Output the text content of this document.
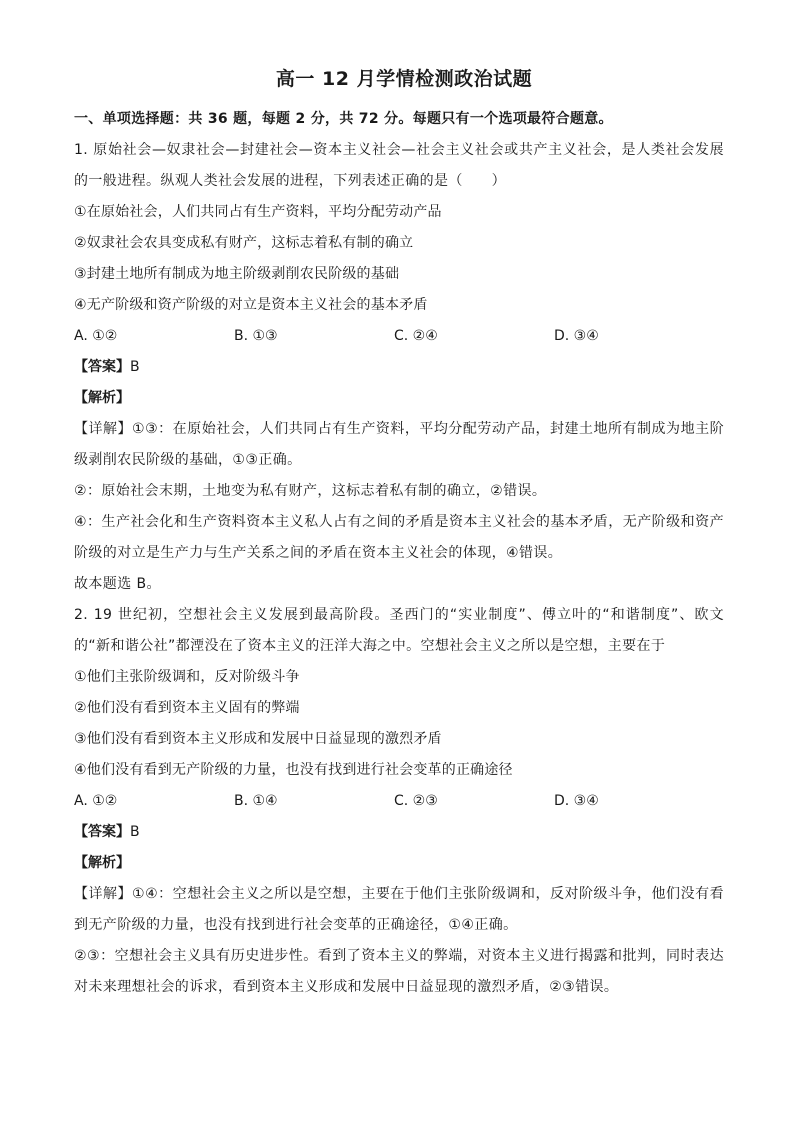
高一 12 月学情检测政治试题
一、单项选择题：共 36 题，每题 2 分，共 72 分。每题只有一个选项最符合题意。
1. 原始社会—奴隶社会—封建社会—资本主义社会—社会主义社会或共产主义社会，是人类社会发展的一般进程。纵观人类社会发展的进程，下列表述正确的是（　　）
①在原始社会，人们共同占有生产资料，平均分配劳动产品
②奴隶社会农具变成私有财产，这标志着私有制的确立
③封建土地所有制成为地主阶级剥削农民阶级的基础
④无产阶级和资产阶级的对立是资本主义社会的基本矛盾
A. ①②	B. ①③	C. ②④	D. ③④
【答案】B
【解析】
【详解】①③：在原始社会，人们共同占有生产资料，平均分配劳动产品，封建土地所有制成为地主阶级剥削农民阶级的基础，①③正确。
②：原始社会末期，土地变为私有财产，这标志着私有制的确立，②错误。
④：生产社会化和生产资料资本主义私人占有之间的矛盾是资本主义社会的基本矛盾，无产阶级和资产阶级的对立是生产力与生产关系之间的矛盾在资本主义社会的体现，④错误。
故本题选 B。
2. 19 世纪初，空想社会主义发展到最高阶段。圣西门的“实业制度”、傅立叶的“和谐制度”、欧文的“新和谐公社”都湮没在了资本主义的汪洋大海之中。空想社会主义之所以是空想，主要在于
①他们主张阶级调和，反对阶级斗争
②他们没有看到资本主义固有的弊端
③他们没有看到资本主义形成和发展中日益显现的激烈矛盾
④他们没有看到无产阶级的力量，也没有找到进行社会变革的正确途径
A. ①②	B. ①④	C. ②③	D. ③④
【答案】B
【解析】
【详解】①④：空想社会主义之所以是空想，主要在于他们主张阶级调和，反对阶级斗争，他们没有看到无产阶级的力量，也没有找到进行社会变革的正确途径，①④正确。
②③：空想社会主义具有历史进步性。看到了资本主义的弊端，对资本主义进行揭露和批判，同时表达对未来理想社会的诉求，看到资本主义形成和发展中日益显现的激烈矛盾，②③错误。
